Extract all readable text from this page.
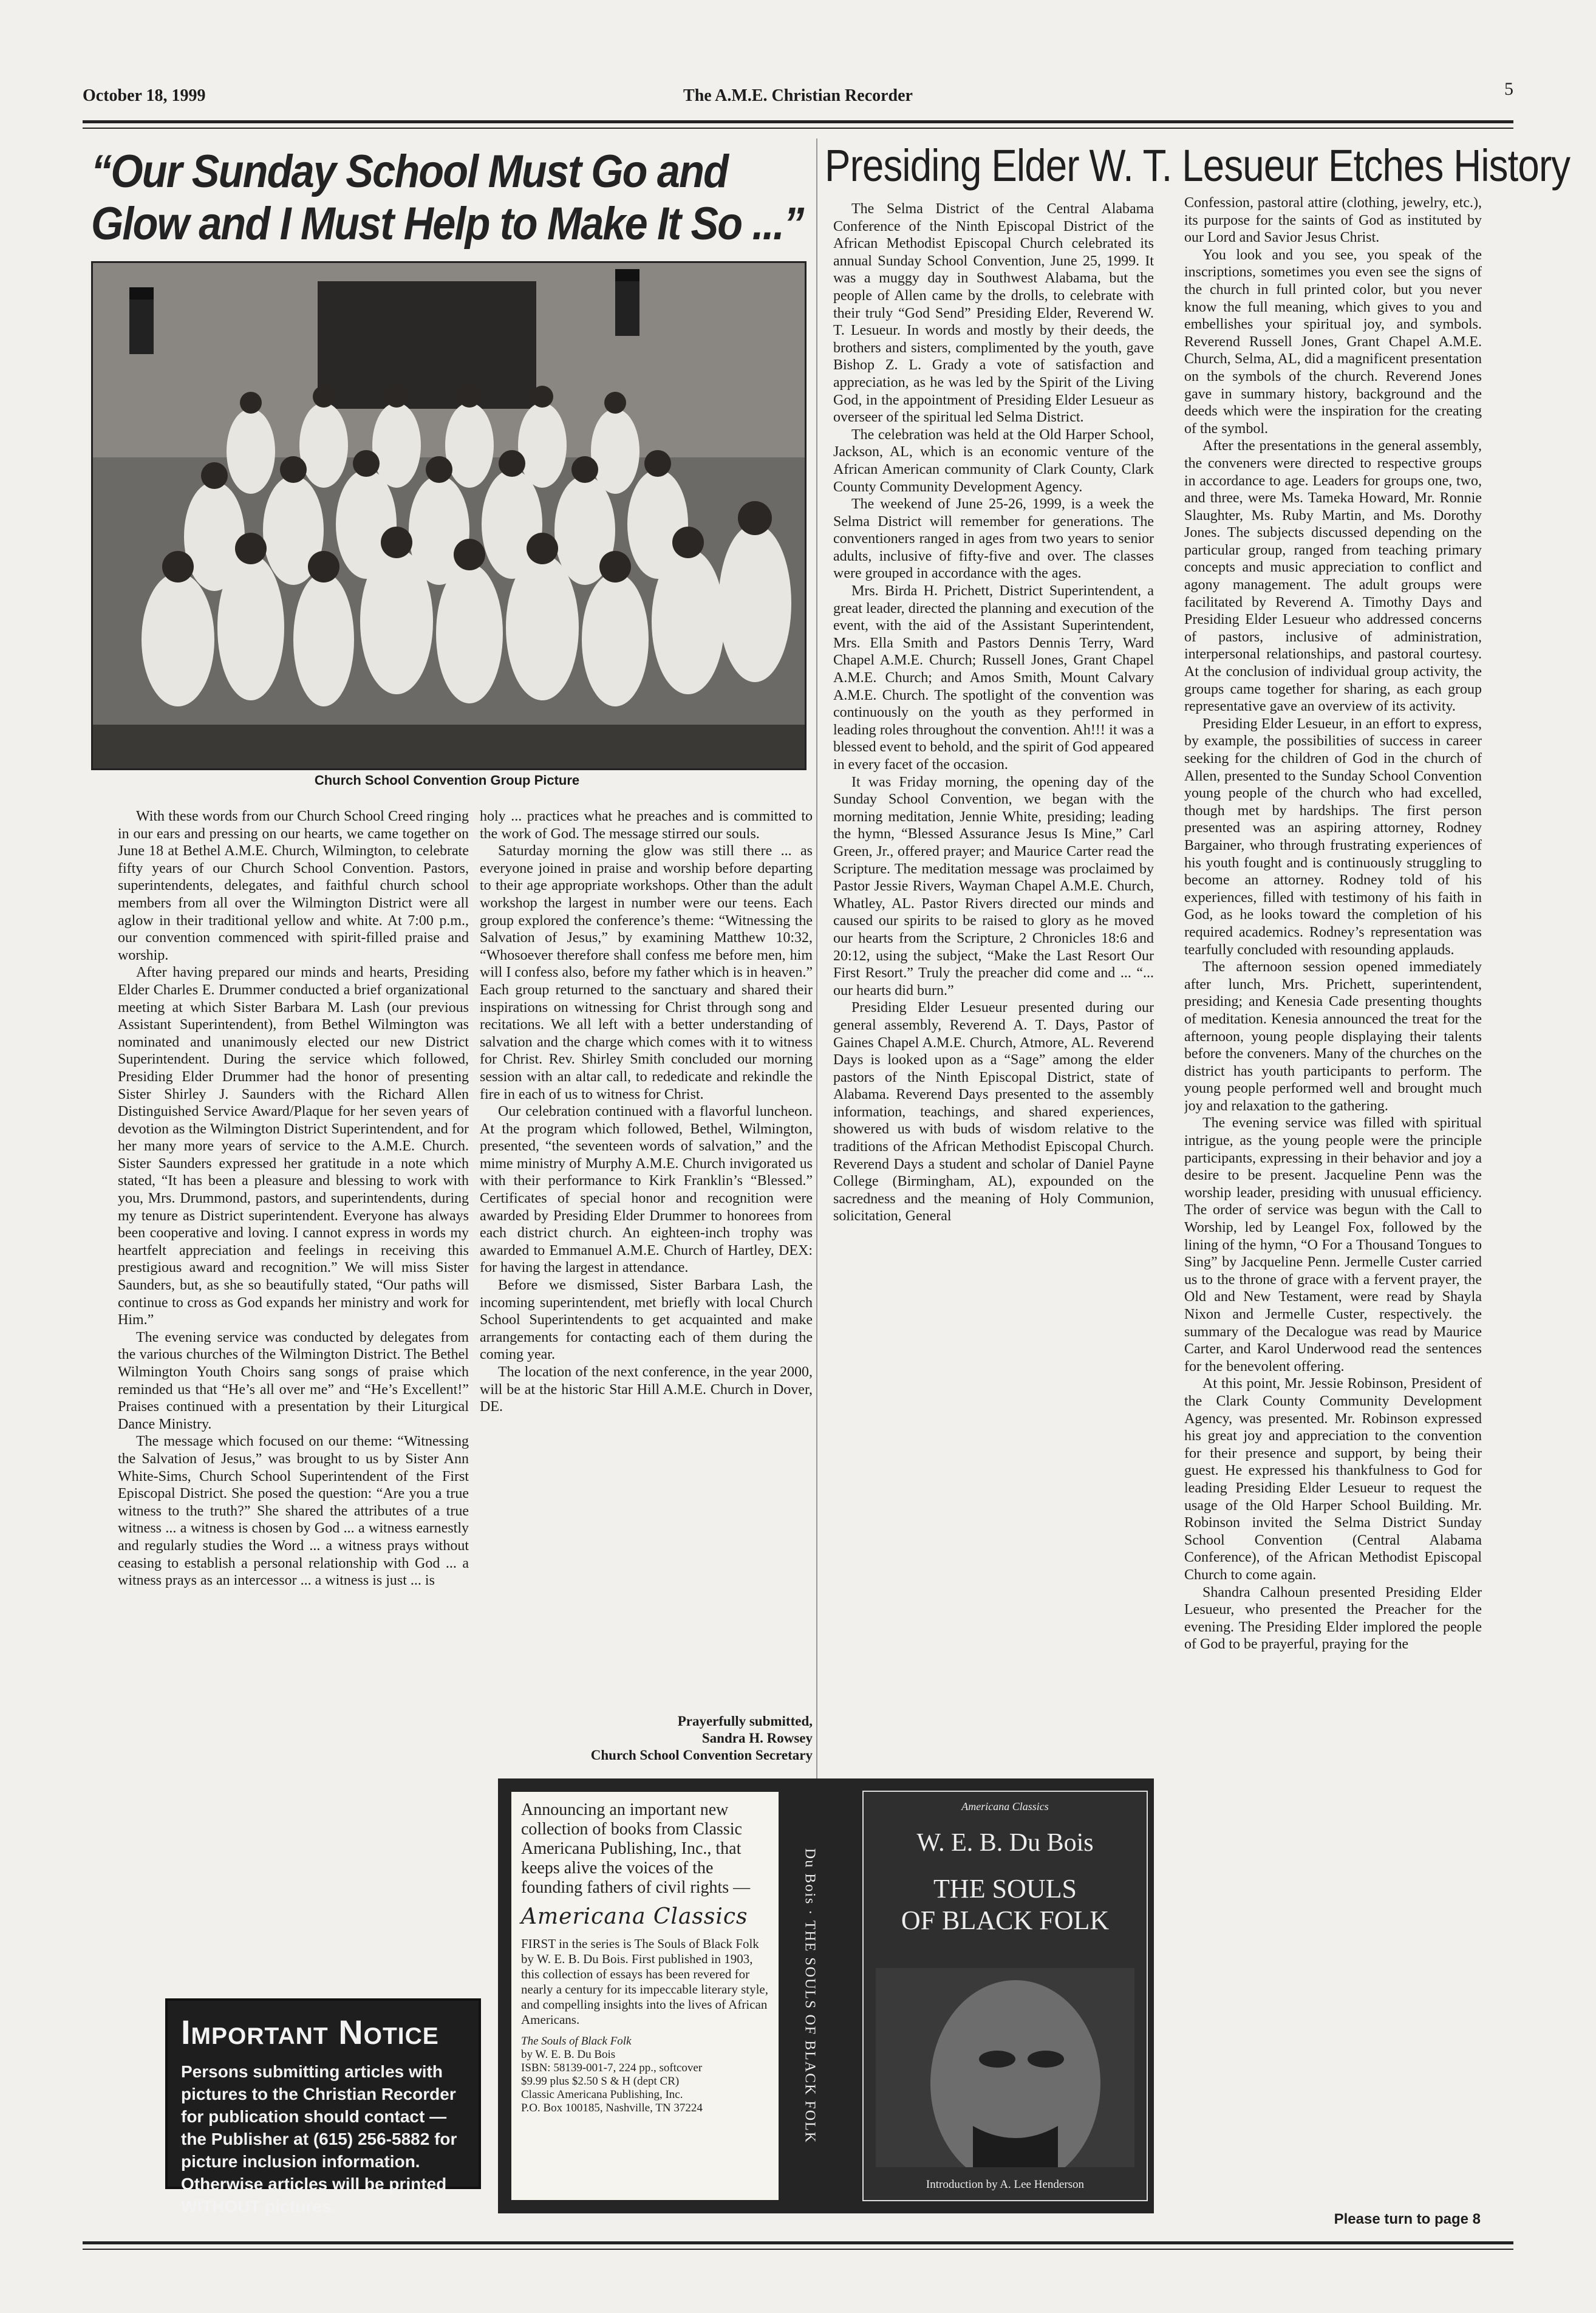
October 18, 1999	The A.M.E. Christian Recorder	5
“Our Sunday School Must Go and
Glow and I Must Help to Make It So ...”
Presiding Elder W. T. Lesueur Etches History
Church School Convention Group Picture

With these words from our Church School Creed ringing in our ears and pressing on our hearts, we came together on June 18 at Bethel A.M.E. Church, Wilmington, to celebrate fifty years of our Church School Convention. Pastors, superintendents, delegates, and faithful church school members from all over the Wilmington District were all aglow in their traditional yellow and white. At 7:00 p.m., our convention commenced with spirit-filled praise and worship.

After having prepared our minds and hearts, Presiding Elder Charles E. Drummer conducted a brief organizational meeting at which Sister Barbara M. Lash (our previous Assistant Superintendent), from Bethel Wilmington was nominated and unanimously elected our new District Superintendent. During the service which followed, Presiding Elder Drummer had the honor of presenting Sister Shirley J. Saunders with the Richard Allen Distinguished Service Award/Plaque for her seven years of devotion as the Wilmington District Superintendent, and for her many more years of service to the A.M.E. Church. Sister Saunders expressed her gratitude in a note which stated, “It has been a pleasure and blessing to work with you, Mrs. Drummond, pastors, and superintendents, during my tenure as District superintendent. Everyone has always been cooperative and loving. I cannot express in words my heartfelt appreciation and feelings in receiving this prestigious award and recognition.” We will miss Sister Saunders, but, as she so beautifully stated, “Our paths will continue to cross as God expands her ministry and work for Him.”

The evening service was conducted by delegates from the various churches of the Wilmington District. The Bethel Wilmington Youth Choirs sang songs of praise which reminded us that “He’s all over me” and “He’s Excellent!” Praises continued with a presentation by their Liturgical Dance Ministry.

The message which focused on our theme: “Witnessing the Salvation of Jesus,” was brought to us by Sister Ann White-Sims, Church School Superintendent of the First Episcopal District. She posed the question: “Are you a true witness to the truth?” She shared the attributes of a true witness ... a witness is chosen by God ... a witness earnestly and regularly studies the Word ... a witness prays without ceasing to establish a personal relationship with God ... a witness prays as an intercessor ... a witness is just ... is

holy ... practices what he preaches and is committed to the work of God. The message stirred our souls.

Saturday morning the glow was still there ... as everyone joined in praise and worship before departing to their age appropriate workshops. Other than the adult workshop the largest in number were our teens. Each group explored the conference’s theme: “Witnessing the Salvation of Jesus,” by examining Matthew 10:32, “Whosoever therefore shall confess me before men, him will I confess also, before my father which is in heaven.” Each group returned to the sanctuary and shared their inspirations on witnessing for Christ through song and recitations. We all left with a better understanding of salvation and the charge which comes with it to witness for Christ. Rev. Shirley Smith concluded our morning session with an altar call, to rededicate and rekindle the fire in each of us to witness for Christ.

Our celebration continued with a flavorful luncheon. At the program which followed, Bethel, Wilmington, presented, “the seventeen words of salvation,” and the mime ministry of Murphy A.M.E. Church invigorated us with their performance to Kirk Franklin’s “Blessed.” Certificates of special honor and recognition were awarded by Presiding Elder Drummer to honorees from each district church. An eighteen-inch trophy was awarded to Emmanuel A.M.E. Church of Hartley, DEX: for having the largest in attendance.

Before we dismissed, Sister Barbara Lash, the incoming superintendent, met briefly with local Church School Superintendents to get acquainted and make arrangements for contacting each of them during the coming year.

The location of the next conference, in the year 2000, will be at the historic Star Hill A.M.E. Church in Dover, DE.

Prayerfully submitted,
Sandra H. Rowsey
Church School Convention Secretary

The Selma District of the Central Alabama Conference of the Ninth Episcopal District of the African Methodist Episcopal Church celebrated its annual Sunday School Convention, June 25, 1999. It was a muggy day in Southwest Alabama, but the people of Allen came by the drolls, to celebrate with their truly “God Send” Presiding Elder, Reverend W. T. Lesueur. In words and mostly by their deeds, the brothers and sisters, complimented by the youth, gave Bishop Z. L. Grady a vote of satisfaction and appreciation, as he was led by the Spirit of the Living God, in the appointment of Presiding Elder Lesueur as overseer of the spiritual led Selma District.

The celebration was held at the Old Harper School, Jackson, AL, which is an economic venture of the African American community of Clark County, Clark County Community Development Agency.

The weekend of June 25-26, 1999, is a week the Selma District will remember for generations. The conventioners ranged in ages from two years to senior adults, inclusive of fifty-five and over. The classes were grouped in accordance with the ages.

Mrs. Birda H. Prichett, District Superintendent, a great leader, directed the planning and execution of the event, with the aid of the Assistant Superintendent, Mrs. Ella Smith and Pastors Dennis Terry, Ward Chapel A.M.E. Church; Russell Jones, Grant Chapel A.M.E. Church; and Amos Smith, Mount Calvary A.M.E. Church. The spotlight of the convention was continuously on the youth as they performed in leading roles throughout the convention. Ah!!! it was a blessed event to behold, and the spirit of God appeared in every facet of the occasion.

It was Friday morning, the opening day of the Sunday School Convention, we began with the morning meditation, Jennie White, presiding; leading the hymn, “Blessed Assurance Jesus Is Mine,” Carl Green, Jr., offered prayer; and Maurice Carter read the Scripture. The meditation message was proclaimed by Pastor Jessie Rivers, Wayman Chapel A.M.E. Church, Whatley, AL. Pastor Rivers directed our minds and caused our spirits to be raised to glory as he moved our hearts from the Scripture, 2 Chronicles 18:6 and 20:12, using the subject, “Make the Last Resort Our First Resort.” Truly the preacher did come and ... “... our hearts did burn.”

Presiding Elder Lesueur presented during our general assembly, Reverend A. T. Days, Pastor of Gaines Chapel A.M.E. Church, Atmore, AL. Reverend Days is looked upon as a “Sage” among the elder pastors of the Ninth Episcopal District, state of Alabama. Reverend Days presented to the assembly information, teachings, and shared experiences, showered us with buds of wisdom relative to the traditions of the African Methodist Episcopal Church. Reverend Days a student and scholar of Daniel Payne College (Birmingham, AL), expounded on the sacredness and the meaning of Holy Communion, solicitation, General

Confession, pastoral attire (clothing, jewelry, etc.), its purpose for the saints of God as instituted by our Lord and Savior Jesus Christ.

You look and you see, you speak of the inscriptions, sometimes you even see the signs of the church in full printed color, but you never know the full meaning, which gives to you and embellishes your spiritual joy, and symbols. Reverend Russell Jones, Grant Chapel A.M.E. Church, Selma, AL, did a magnificent presentation on the symbols of the church. Reverend Jones gave in summary history, background and the deeds which were the inspiration for the creating of the symbol.

After the presentations in the general assembly, the conveners were directed to respective groups in accordance to age. Leaders for groups one, two, and three, were Ms. Tameka Howard, Mr. Ronnie Slaughter, Ms. Ruby Martin, and Ms. Dorothy Jones. The subjects discussed depending on the particular group, ranged from teaching primary concepts and music appreciation to conflict and agony management. The adult groups were facilitated by Reverend A. Timothy Days and Presiding Elder Lesueur who addressed concerns of pastors, inclusive of administration, interpersonal relationships, and pastoral courtesy. At the conclusion of individual group activity, the groups came together for sharing, as each group representative gave an overview of its activity.

Presiding Elder Lesueur, in an effort to express, by example, the possibilities of success in career seeking for the children of God in the church of Allen, presented to the Sunday School Convention young people of the church who had excelled, though met by hardships. The first person presented was an aspiring attorney, Rodney Bargainer, who through frustrating experiences of his youth fought and is continuously struggling to become an attorney. Rodney told of his experiences, filled with testimony of his faith in God, as he looks toward the completion of his required academics. Rodney’s representation was tearfully concluded with resounding applauds.

The afternoon session opened immediately after lunch, Mrs. Prichett, superintendent, presiding; and Kenesia Cade presenting thoughts of meditation. Kenesia announced the treat for the afternoon, young people displaying their talents before the conveners. Many of the churches on the district has youth participants to perform. The young people performed well and brought much joy and relaxation to the gathering.

The evening service was filled with spiritual intrigue, as the young people were the principle participants, expressing in their behavior and joy a desire to be present. Jacqueline Penn was the worship leader, presiding with unusual efficiency. The order of service was begun with the Call to Worship, led by Leangel Fox, followed by the lining of the hymn, “O For a Thousand Tongues to Sing” by Jacqueline Penn. Jermelle Custer carried us to the throne of grace with a fervent prayer, the Old and New Testament, were read by Shayla Nixon and Jermelle Custer, respectively. the summary of the Decalogue was read by Maurice Carter, and Karol Underwood read the sentences for the benevolent offering.

At this point, Mr. Jessie Robinson, President of the Clark County Community Development Agency, was presented. Mr. Robinson expressed his great joy and appreciation to the convention for their presence and support, by being their guest. He expressed his thankfulness to God for leading Presiding Elder Lesueur to request the usage of the Old Harper School Building. Mr. Robinson invited the Selma District Sunday School Convention (Central Alabama Conference), of the African Methodist Episcopal Church to come again.

Shandra Calhoun presented Presiding Elder Lesueur, who presented the Preacher for the evening. The Presiding Elder implored the people of God to be prayerful, praying for the

Please turn to page 8
Important Notice
Persons submitting articles with pictures to the Christian Recorder for publication should contact — the Publisher at (615) 256-5882 for picture inclusion information. Otherwise articles will be printed WITHOUT pictures.
Announcing an important new collection of books from Classic Americana Publishing, Inc., that keeps alive the voices of the founding fathers of civil rights —
Americana Classics
FIRST in the series is The Souls of Black Folk by W. E. B. Du Bois. First published in 1903, this collection of essays has been revered for nearly a century for its impeccable literary style, and compelling insights into the lives of African Americans.
The Souls of Black Folk
by W. E. B. Du Bois
ISBN: 58139-001-7, 224 pp., softcover
$9.99 plus $2.50 S & H (dept CR)
Classic Americana Publishing, Inc.
P.O. Box 100185, Nashville, TN 37224	Du Bois · THE SOULS OF BLACK FOLK
Americana Classics
W. E. B. Du Bois
THE SOULS
OF BLACK FOLK
Introduction by A. Lee Henderson
